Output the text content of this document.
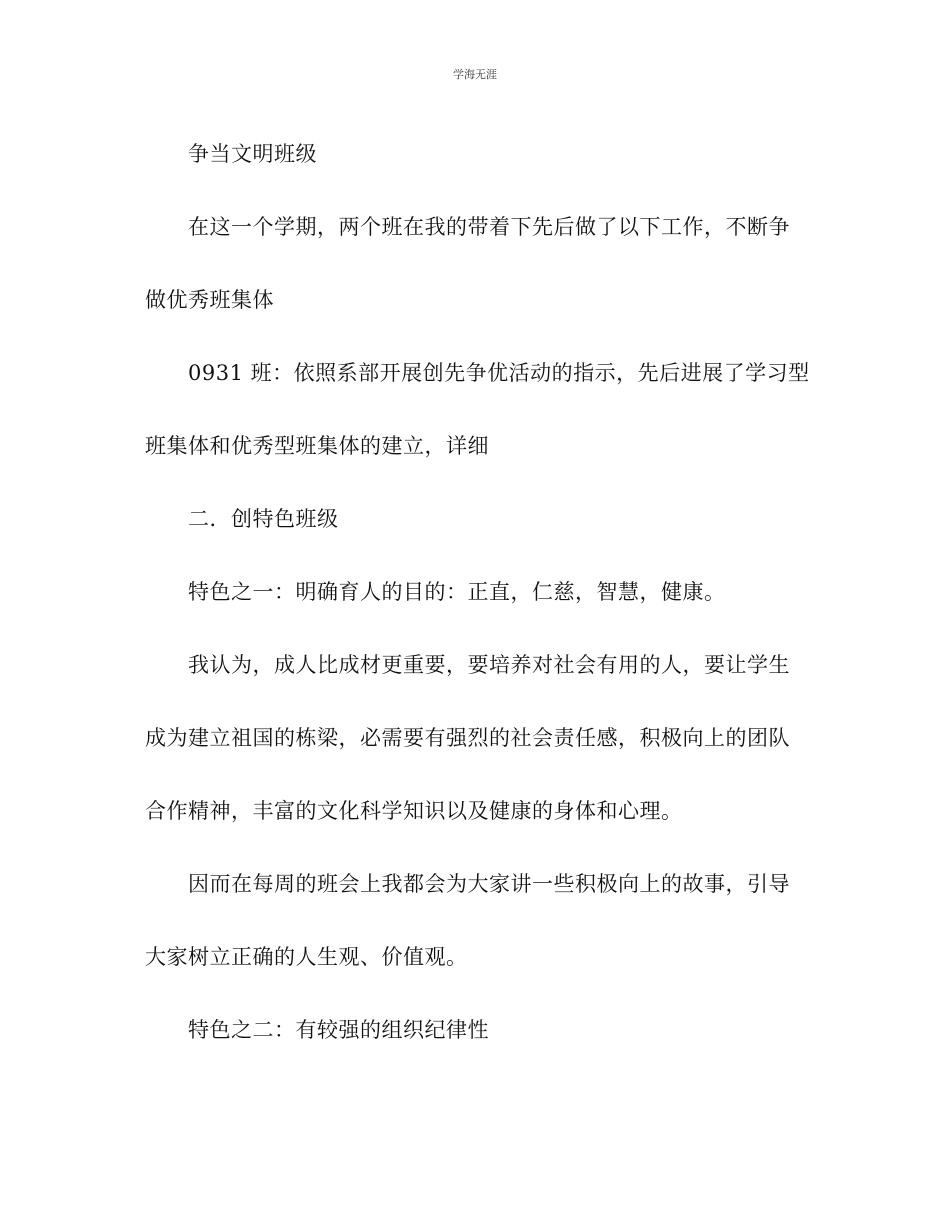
学海无涯
争当文明班级
在这一个学期，两个班在我的带着下先后做了以下工作，不断争
做优秀班集体
0931 班：依照系部开展创先争优活动的指示，先后进展了学习型
班集体和优秀型班集体的建立，详细
二．创特色班级
特色之一：明确育人的目的：正直，仁慈，智慧，健康。
我认为，成人比成材更重要，要培养对社会有用的人，要让学生
成为建立祖国的栋梁，必需要有强烈的社会责任感，积极向上的团队
合作精神，丰富的文化科学知识以及健康的身体和心理。
因而在每周的班会上我都会为大家讲一些积极向上的故事，引导
大家树立正确的人生观、价值观。
特色之二：有较强的组织纪律性
